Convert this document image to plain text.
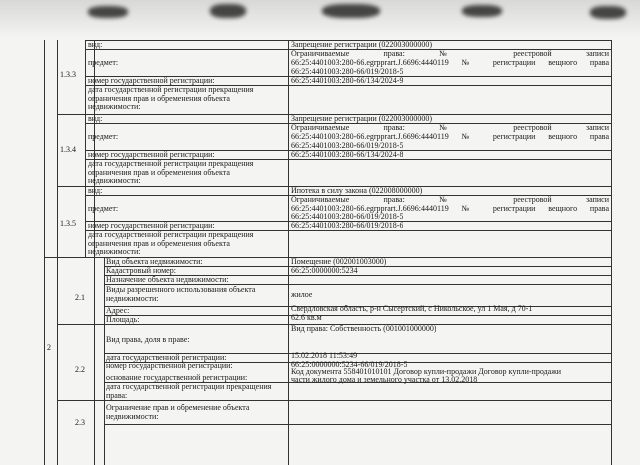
1.3.3
вид:	Запрещение регистрации (022003000000)
предмет:
Ограничиваемые права: № реестровой записи
66:25:4401003:280-66.egrpprart.J.6696:4440119 № регистрации вещного права
66:25:4401003:280-66/019/2018-5
номер государственной регистрации:	66:25:4401003:280-66/134/2024-9
дата государственной регистрации прекращения ограничения прав и обременения объекта недвижимости:
1.3.4
вид:	Запрещение регистрации (022003000000)
предмет:
Ограничиваемые права: № реестровой записи
66:25:4401003:280-66.egrpprart.J.6696:4440119 № регистрации вещного права
66:25:4401003:280-66/019/2018-5
номер государственной регистрации:	66:25:4401003:280-66/134/2024-8
дата государственной регистрации прекращения ограничения прав и обременения объекта недвижимости:
1.3.5
вид:	Ипотека в силу закона (022008000000)
предмет:
Ограничиваемые права: № реестровой записи
66:25:4401003:280-66.egrpprart.J.6696:4440119 № регистрации вещного права
66:25:4401003:280-66/019/2018-5
номер государственной регистрации:	66:25:4401003:280-66/019/2018-6
дата государственной регистрации прекращения ограничения прав и обременения объекта недвижимости:
2
2.1
Вид объекта недвижимости:	Помещение (002001003000)
Кадастровый номер:	66:25:0000000:5234
Назначение объекта недвижимости:
Виды разрешенного использования объекта недвижимости:	жилое
Адрес:	Свердловская область, р-н Сысертский, с Никольское, ул 1 Мая, д 70-1
Площадь:	62.6 кв.м
2.2
Вид права, доля в праве:
Вид права: Собственность (001001000000)
дата государственной регистрации:	15.02.2018 11:53:49
номер государственной регистрации:	66:25:0000000:5234-66/019/2018-5
основание государственной регистрации:
Код документа 558401010101 Договор купли-продажи Договор купли-продажи
части жилого дома и земельного участка от 13.02.2018
дата государственной регистрации прекращения права:
2.3
Ограничение прав и обременение объекта недвижимости:
